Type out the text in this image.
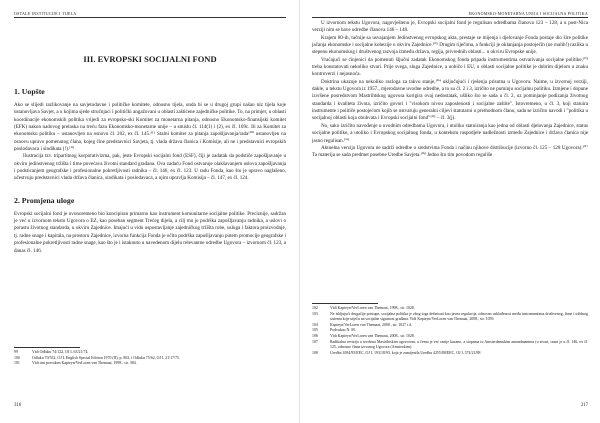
OSTALE INSTITUCIJE I TIJELA
III. EVROPSKI SOCIJALNI FOND
1. Uopšte

Ako se slijedi razlikovanje na savjetodavne i političke komitete, odnosno tijela, onda bi se u drugoj grupi našao niz tijela koje ustanovljava Savjet, a u kojima sjede stručnjaci i politički angažovani u oblasti zaštićene zajedničke politike. To, na primjer, u oblasti koordinacije ekonomskih politika vrijedi za evropsko-ski Komitet za monetarna pitanja, odnosno Ekonomsko-finansijski komitet (EFK) nakon nadovog prelaska na treću fazu Ekonomsko-monetarne unije – u smislu čl. 114(1) i (2), ex čl. 109c. Ili za Komitet za ekonomsku politiku – ustanovljen na osnovu čl. 202, ex čl. 145.⁹¹¹ Stalni komitet za pitanja zapošljavanja/rada¹⁰⁰ ustanovljen na osnovu upravo pomenutog člana, kojeg čine predstavnici Savjeta, tj. vlada država članica i Komisije, ali ne i predstavnici evropskih poslodavaca i sindikata (!).¹⁰¹

Ilustracija tzv. tripartitnog korporativizma, pak, jeste Evropski socijalni fond (ESF), čiji je zadatak da podstiče zapošljavanje u okviru jedinstvenog tržišta i time povećava životni standard građana. Ova zadaću Fond ostvaruje olakšavanjem uslova zapošljavanja i podsticanjem geografske i profesionalne pokretljivosti radnika – čl. 146, ex čl. 123. U radu Fonda, kao što je upravo naglašeno, učestvuju predstavnici vlada država članica, sindikata i poslodavaca, a njim upravlja Komisija – čl. 147, ex čl. 124.

2. Promjena uloge

Evropski socijalni fond je uvonoremeno bio koncipiran primarno kao instrument komunitarne socijalne politike. Preciznije, sadržan je već u izvornom tekstu Ugovora o EZ, kao poseban segment Trećeg dijela, a cilj mu je podrška zapošljavanju radnika, a uslovi o porastu životnog standarda, u okviru Zajednice. Imajući u vidu uspostavljanje zajedničkog tržišta robe, usluga i faktora proizvodnje, tj. radne snage i kapitala, na prostoru Zajednice, izvorna funkcija Fonda je očito podrška zapošljavanju putem promocije geografske i profesionalne pokretljivosti radne snage, kao što je i istaknuto u navedenom dijelu relevantne odredbe Ugovora – izvornom čl. 123, a danas čl. 146.

99	Vidi Odluku 74/122, OJ L 63/21/74.
100	Odluku 70/532, OJ L English Special Edition 1970 (II), p. 863, i Odluku 75/62, OJ L 21/17/75.
101	Vidi tim povodom Kapteyn/VerLoren van Themaat, 1998., str. 384.
316
EKONOMSKO-MONETARNA UNIJA I SOCIJALNA POLITIKA

U izvornom tekstu Ugovora, nagovještenu je, Evropski socijalni fond je regulisan odredbama članova 123 – 128, a u post-Nica verziji nim se bave odredbe članova 146 – 148.

Krajem 80-ih, tačnije sa usvajanjem Jedinstvenog evropskog akta, prestaje se mijenja i djelovanje Fonda postaje dio šire politike jačanja ekonomske i socijalne kohezije u okviru Zajednice.¹⁰² Drugim riječima, a funkciji je oklanjanja postojećih (ne malih!) razlika u stepenu ekonomskog i društvenog razvoja između država, regija, privrednih oblasti... u okviru Evropske unije.

Vraćajući se ćinjenici da pomenuti šljučni zadatak Ekonomskog fonda pripada instrumentima ostvarivanja socijalne politike,¹⁰³ treba konstatovati nekoliko stvari. Prije svega, sluga Zajednice, a uobičo i EU, u oblasti socijalne politike je dobrim dijelom u znaku kontroverzi i nejasnoća.

Doktrina ukazuje na nekoliko razloga za takvo stanje,¹⁰⁴ uključujući i rješenja prisutna u Ugovoru. Naime, u izvornoj verziji, dakle, u tekstu Ugovora iz 1957., mjerodavne uvodne odredbe, a to su čl. 2 i 3, izričito ne pominju socijalnu politiku. Izmjene i dopune izvršene posredstvom Mastrihtskog ugovora korigira ovaj nedostatak, ušliko što se sada u čl. 2, uz pominjanje podizanja životnog standarda i kvaliteta života, izričito govori i "visokom nivou zaposlenosti i socijalne zaštite". Istovremeno, u čl. 3, koji statuira instrumente i političe postojećom kojih se ostvaruju generalni ciljevi statutarni u prethodnom članu, sada se izričito navodi i "politika u socijalnoj oblasti koja obuhvata i Evropski socijalni fond"¹⁰⁵ – čl. 3(j).

No, sako izričito navođenje u uvodnim odredbama Ugovora, i utoliko statuiranja kao jedna od oblasti djelovanja Zajednice, status socijalne politike, a utoliko i Evropskog socijalnog fonda, u kontekstu raspodjele nadležnosti između Zajednice i država članica nije jasno regulisan.¹⁰⁶

Aktuelna verzija Ugovora ne sadrži odredbe o sredstvima Fonda i načinu njihove distribucije (izvorno čl. 125 – 128 Ugovora).¹⁰⁷ Ta materija se sada predmet posebne Uredbe Savjeta.¹⁰⁸ Jedno što tim povodom reguliše

102	Vidi Kapteyn/VerLoren van Themaat, 1998., str. 1028.
103	Ne iskljujući drugačije pristupe, socijalna politika je zbog toga definisati kao javna regulacija, odnosno usklađenost među instrumentima društvenog, čime i tržišnog sistema koje utječu na socijalne sigurnost građana. Vidi Kapteyn/VerLoren van Themaat, 2008., str. 1059.
104	Kapteyn/VerLoren van Themaat, 2008., str. 1027 i d.
105	Podvukao N. M.
106	Vidi Kapteyn/VerLoren van Themaat, 2008., str. 1028.
107	Radikalna revizija u izvršena Mastrihtskim ugovorom, u čemu je već ranije kazano, a stopama tu Amsterdamskim amandmanima (u stvari, razni je u čl. 146, ex čl. 125, odnosno člana izvornog Ugovora (Amsterdam).
108	Uredba 1084/95/EEC, OJ L 193/18/93, koja je zamijenila Uredbu 4255/88/EEC, OJ L 374/21/88
317
